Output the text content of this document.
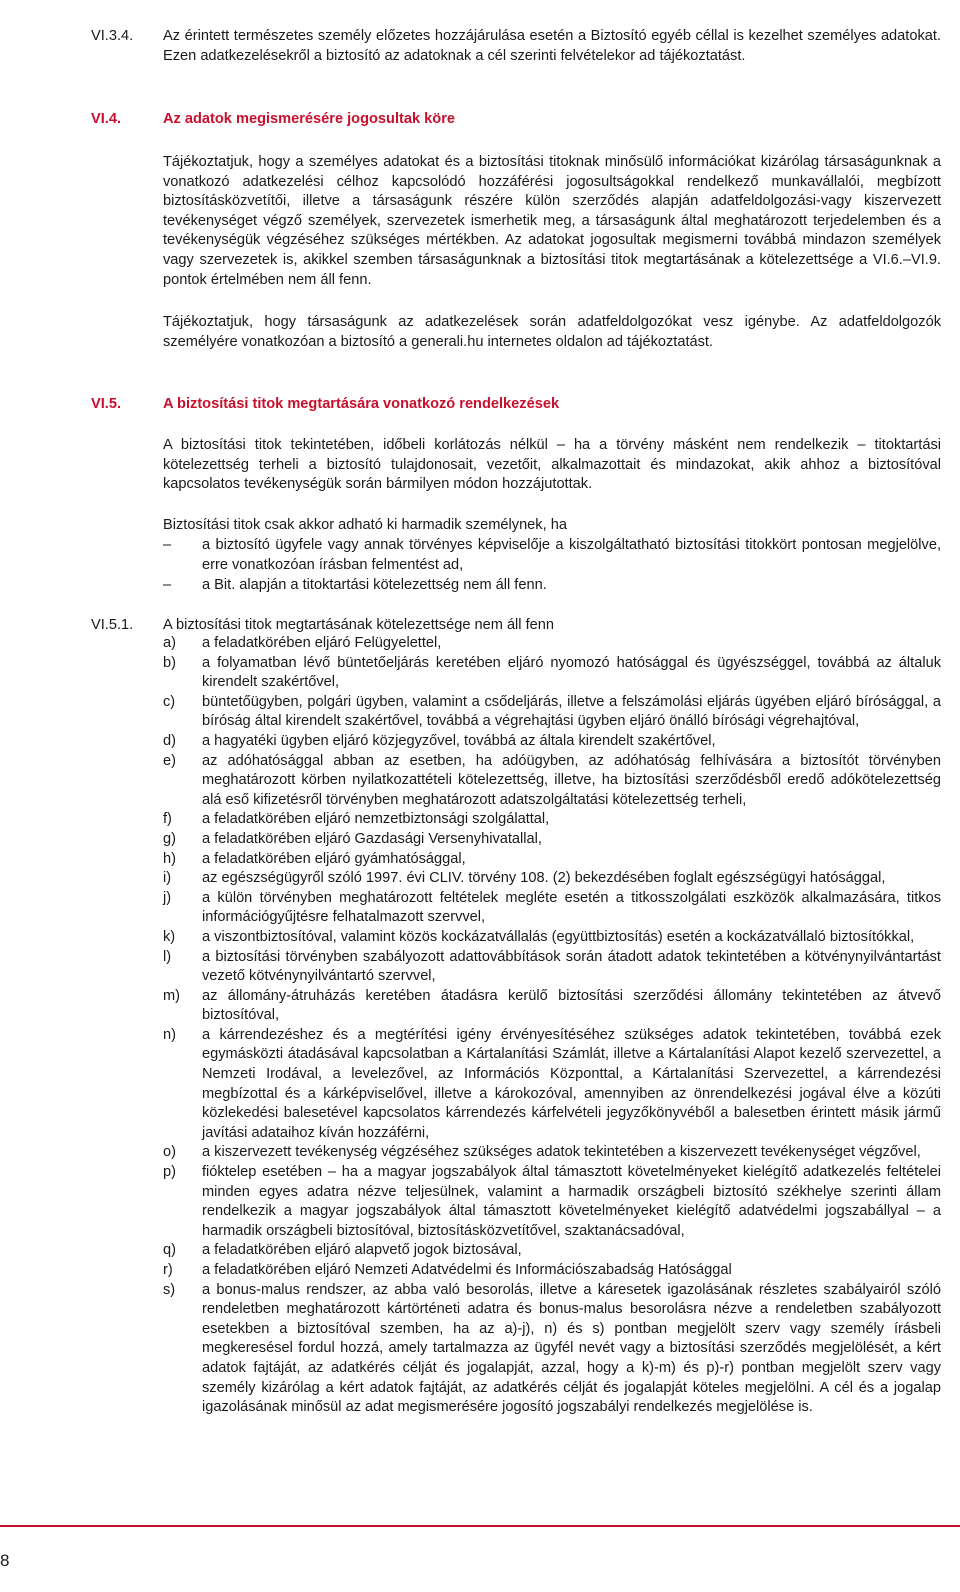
VI.3.4. Az érintett természetes személy előzetes hozzájárulása esetén a Biztosító egyéb céllal is kezelhet személyes adatokat. Ezen adatkezelésekről a biztosító az adatoknak a cél szerinti felvételekor ad tájékoztatást.
VI.4.	Az adatok megismerésére jogosultak köre
Tájékoztatjuk, hogy a személyes adatokat és a biztosítási titoknak minősülő információkat kizárólag társaságunknak a vonatkozó adatkezelési célhoz kapcsolódó hozzáférési jogosultságokkal rendelkező munkavállalói, megbízott biztosításközvetítői, illetve a társaságunk részére külön szerződés alapján adatfeldolgozási-vagy kiszervezett tevékenységet végző személyek, szervezetek ismerhetik meg, a társaságunk által meghatározott terjedelemben és a tevékenységük végzéséhez szükséges mértékben. Az adatokat jogosultak megismerni továbbá mindazon személyek vagy szervezetek is, akikkel szemben társaságunknak a biztosítási titok megtartásának a kötelezettsége a VI.6.–VI.9. pontok értelmében nem áll fenn.
Tájékoztatjuk, hogy társaságunk az adatkezelések során adatfeldolgozókat vesz igénybe. Az adatfeldolgozók személyére vonatkozóan a biztosító a generali.hu internetes oldalon ad tájékoztatást.
VI.5.	A biztosítási titok megtartására vonatkozó rendelkezések
A biztosítási titok tekintetében, időbeli korlátozás nélkül – ha a törvény másként nem rendelkezik – titoktartási kötelezettség terheli a biztosító tulajdonosait, vezetőit, alkalmazottait és mindazokat, akik ahhoz a biztosítóval kapcsolatos tevékenységük során bármilyen módon hozzájutottak.
Biztosítási titok csak akkor adható ki harmadik személynek, ha
– a biztosító ügyfele vagy annak törvényes képviselője a kiszolgáltatható biztosítási titokkört pontosan megjelölve, erre vonatkozóan írásban felmentést ad,
– a Bit. alapján a titoktartási kötelezettség nem áll fenn.
VI.5.1. A biztosítási titok megtartásának kötelezettsége nem áll fenn
a) a feladatkörében eljáró Felügyelettel,
b) a folyamatban lévő büntetőeljárás keretében eljáró nyomozó hatósággal és ügyészséggel, továbbá az általuk kirendelt szakértővel,
c) büntetőügyben, polgári ügyben, valamint a csődeljárás, illetve a felszámolási eljárás ügyében eljáró bírósággal, a bíróság által kirendelt szakértővel, továbbá a végrehajtási ügyben eljáró önálló bírósági végrehajtóval,
d) a hagyatéki ügyben eljáró közjegyzővel, továbbá az általa kirendelt szakértővel,
e) az adóhatósággal abban az esetben, ha adóügyben, az adóhatóság felhívására a biztosítót törvényben meghatározott körben nyilatkozattételi kötelezettség, illetve, ha biztosítási szerződésből eredő adókötelezettség alá eső kifizetésről törvényben meghatározott adatszolgáltatási kötelezettség terheli,
f) a feladatkörében eljáró nemzetbiztonsági szolgálattal,
g) a feladatkörében eljáró Gazdasági Versenyhivatallal,
h) a feladatkörében eljáró gyámhatósággal,
i) az egészségügyről szóló 1997. évi CLIV. törvény 108. (2) bekezdésében foglalt egészségügyi hatósággal,
j) a külön törvényben meghatározott feltételek megléte esetén a titkosszolgálati eszközök alkalmazására, titkos információgyűjtésre felhatalmazott szervvel,
k) a viszontbiztosítóval, valamint közös kockázatvállalás (együttbiztosítás) esetén a kockázatvállaló biztosítókkal,
l) a biztosítási törvényben szabályozott adattovábbítások során átadott adatok tekintetében a kötvénynyilvántartást vezető kötvénynyilvántartó szervvel,
m) az állomány-átruházás keretében átadásra kerülő biztosítási szerződési állomány tekintetében az átvevő biztosítóval,
n) a kárrendezéshez és a megtérítési igény érvényesítéséhez szükséges adatok tekintetében, továbbá ezek egymásközti átadásával kapcsolatban a Kártalanítási Számlát, illetve a Kártalanítási Alapot kezelő szervezettel, a Nemzeti Irodával, a levelezővel, az Információs Központtal, a Kártalanítási Szervezettel, a kárrendezési megbízottal és a kárképviselővel, illetve a károkozóval, amennyiben az önrendelkezési jogával élve a közúti közlekedési balesetével kapcsolatos kárrendezés kárfelvételi jegyzőkönyvéből a balesetben érintett másik jármű javítási adataihoz kíván hozzáférni,
o) a kiszervezett tevékenység végzéséhez szükséges adatok tekintetében a kiszervezett tevékenységet végzővel,
p) fióktelep esetében – ha a magyar jogszabályok által támasztott követelményeket kielégítő adatkezelés feltételei minden egyes adatra nézve teljesülnek, valamint a harmadik országbeli biztosító székhelye szerinti állam rendelkezik a magyar jogszabályok által támasztott követelményeket kielégítő adatvédelmi jogszabállyal – a harmadik országbeli biztosítóval, biztosításközvetítővel, szaktanácsadóval,
q) a feladatkörében eljáró alapvető jogok biztosával,
r) a feladatkörében eljáró Nemzeti Adatvédelmi és Információszabadság Hatósággal
s) a bonus-malus rendszer, az abba való besorolás, illetve a káresetek igazolásának részletes szabályairól szóló rendeletben meghatározott kártörténeti adatra és bonus-malus besorolásra nézve a rendeletben szabályozott esetekben a biztosítóval szemben, ha az a)-j), n) és s) pontban megjelölt szerv vagy személy írásbeli megkeresésel fordul hozzá, amely tartalmazza az ügyfél nevét vagy a biztosítási szerződés megjelölését, a kért adatok fajtáját, az adatkérés célját és jogalapját, azzal, hogy a k)-m) és p)-r) pontban megjelölt szerv vagy személy kizárólag a kért adatok fajtáját, az adatkérés célját és jogalapját köteles megjelölni. A cél és a jogalap igazolásának minősül az adat megismerésére jogosító jogszabályi rendelkezés megjelölése is.
8
